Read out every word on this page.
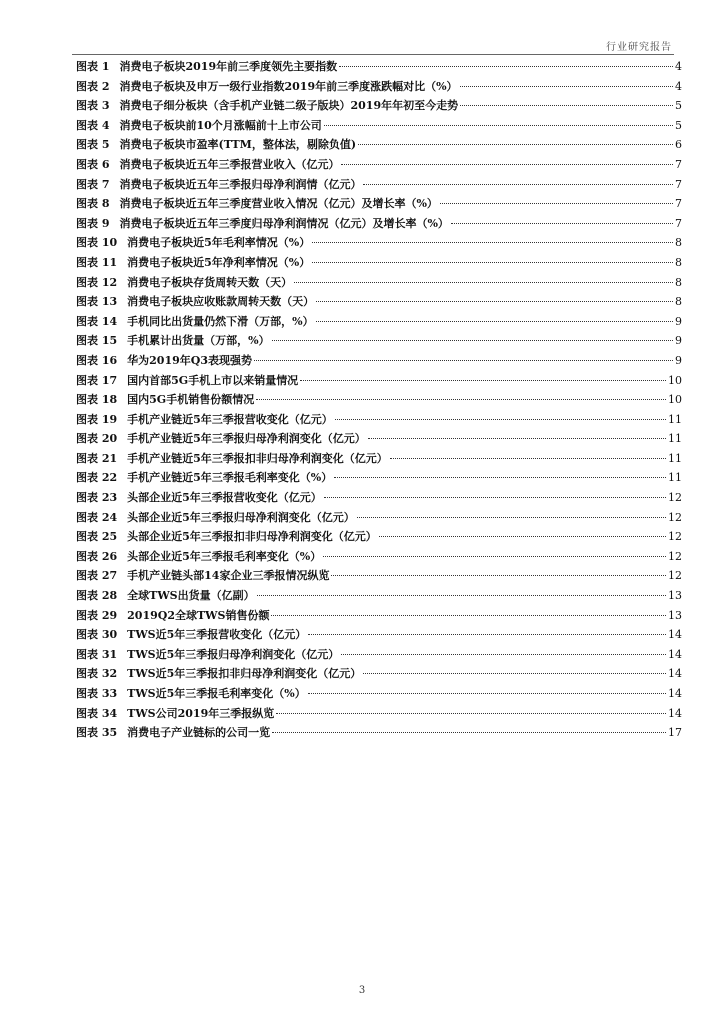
行业研究报告
图表 1 消费电子板块2019年前三季度领先主要指数	4
图表 2 消费电子板块及申万一级行业指数2019年前三季度涨跌幅对比（%）	4
图表 3 消费电子细分板块（含手机产业链二级子版块）2019年年初至今走势	5
图表 4 消费电子板块前10个月涨幅前十上市公司	5
图表 5 消费电子板块市盈率(TTM，整体法，剔除负值)	6
图表 6 消费电子板块近五年三季报营业收入（亿元）	7
图表 7 消费电子板块近五年三季报归母净利润情（亿元）	7
图表 8 消费电子板块近五年三季度营业收入情况（亿元）及增长率（%）	7
图表 9 消费电子板块近五年三季度归母净利润情况（亿元）及增长率（%）	7
图表 10 消费电子板块近5年毛利率情况（%）	8
图表 11 消费电子板块近5年净利率情况（%）	8
图表 12 消费电子板块存货周转天数（天）	8
图表 13 消费电子板块应收账款周转天数（天）	8
图表 14 手机同比出货量仍然下滑（万部，%）	9
图表 15 手机累计出货量（万部，%）	9
图表 16 华为2019年Q3表现强势	9
图表 17 国内首部5G手机上市以来销量情况	10
图表 18 国内5G手机销售份额情况	10
图表 19 手机产业链近5年三季报营收变化（亿元）	11
图表 20 手机产业链近5年三季报归母净利润变化（亿元）	11
图表 21 手机产业链近5年三季报扣非归母净利润变化（亿元）	11
图表 22 手机产业链近5年三季报毛利率变化（%）	11
图表 23 头部企业近5年三季报营收变化（亿元）	12
图表 24 头部企业近5年三季报归母净利润变化（亿元）	12
图表 25 头部企业近5年三季报扣非归母净利润变化（亿元）	12
图表 26 头部企业近5年三季报毛利率变化（%）	12
图表 27 手机产业链头部14家企业三季报情况纵览	12
图表 28 全球TWS出货量（亿副）	13
图表 29 2019Q2全球TWS销售份额	13
图表 30 TWS近5年三季报营收变化（亿元）	14
图表 31 TWS近5年三季报归母净利润变化（亿元）	14
图表 32 TWS近5年三季报扣非归母净利润变化（亿元）	14
图表 33 TWS近5年三季报毛利率变化（%）	14
图表 34 TWS公司2019年三季报纵览	14
图表 35 消费电子产业链标的公司一览	17
3
